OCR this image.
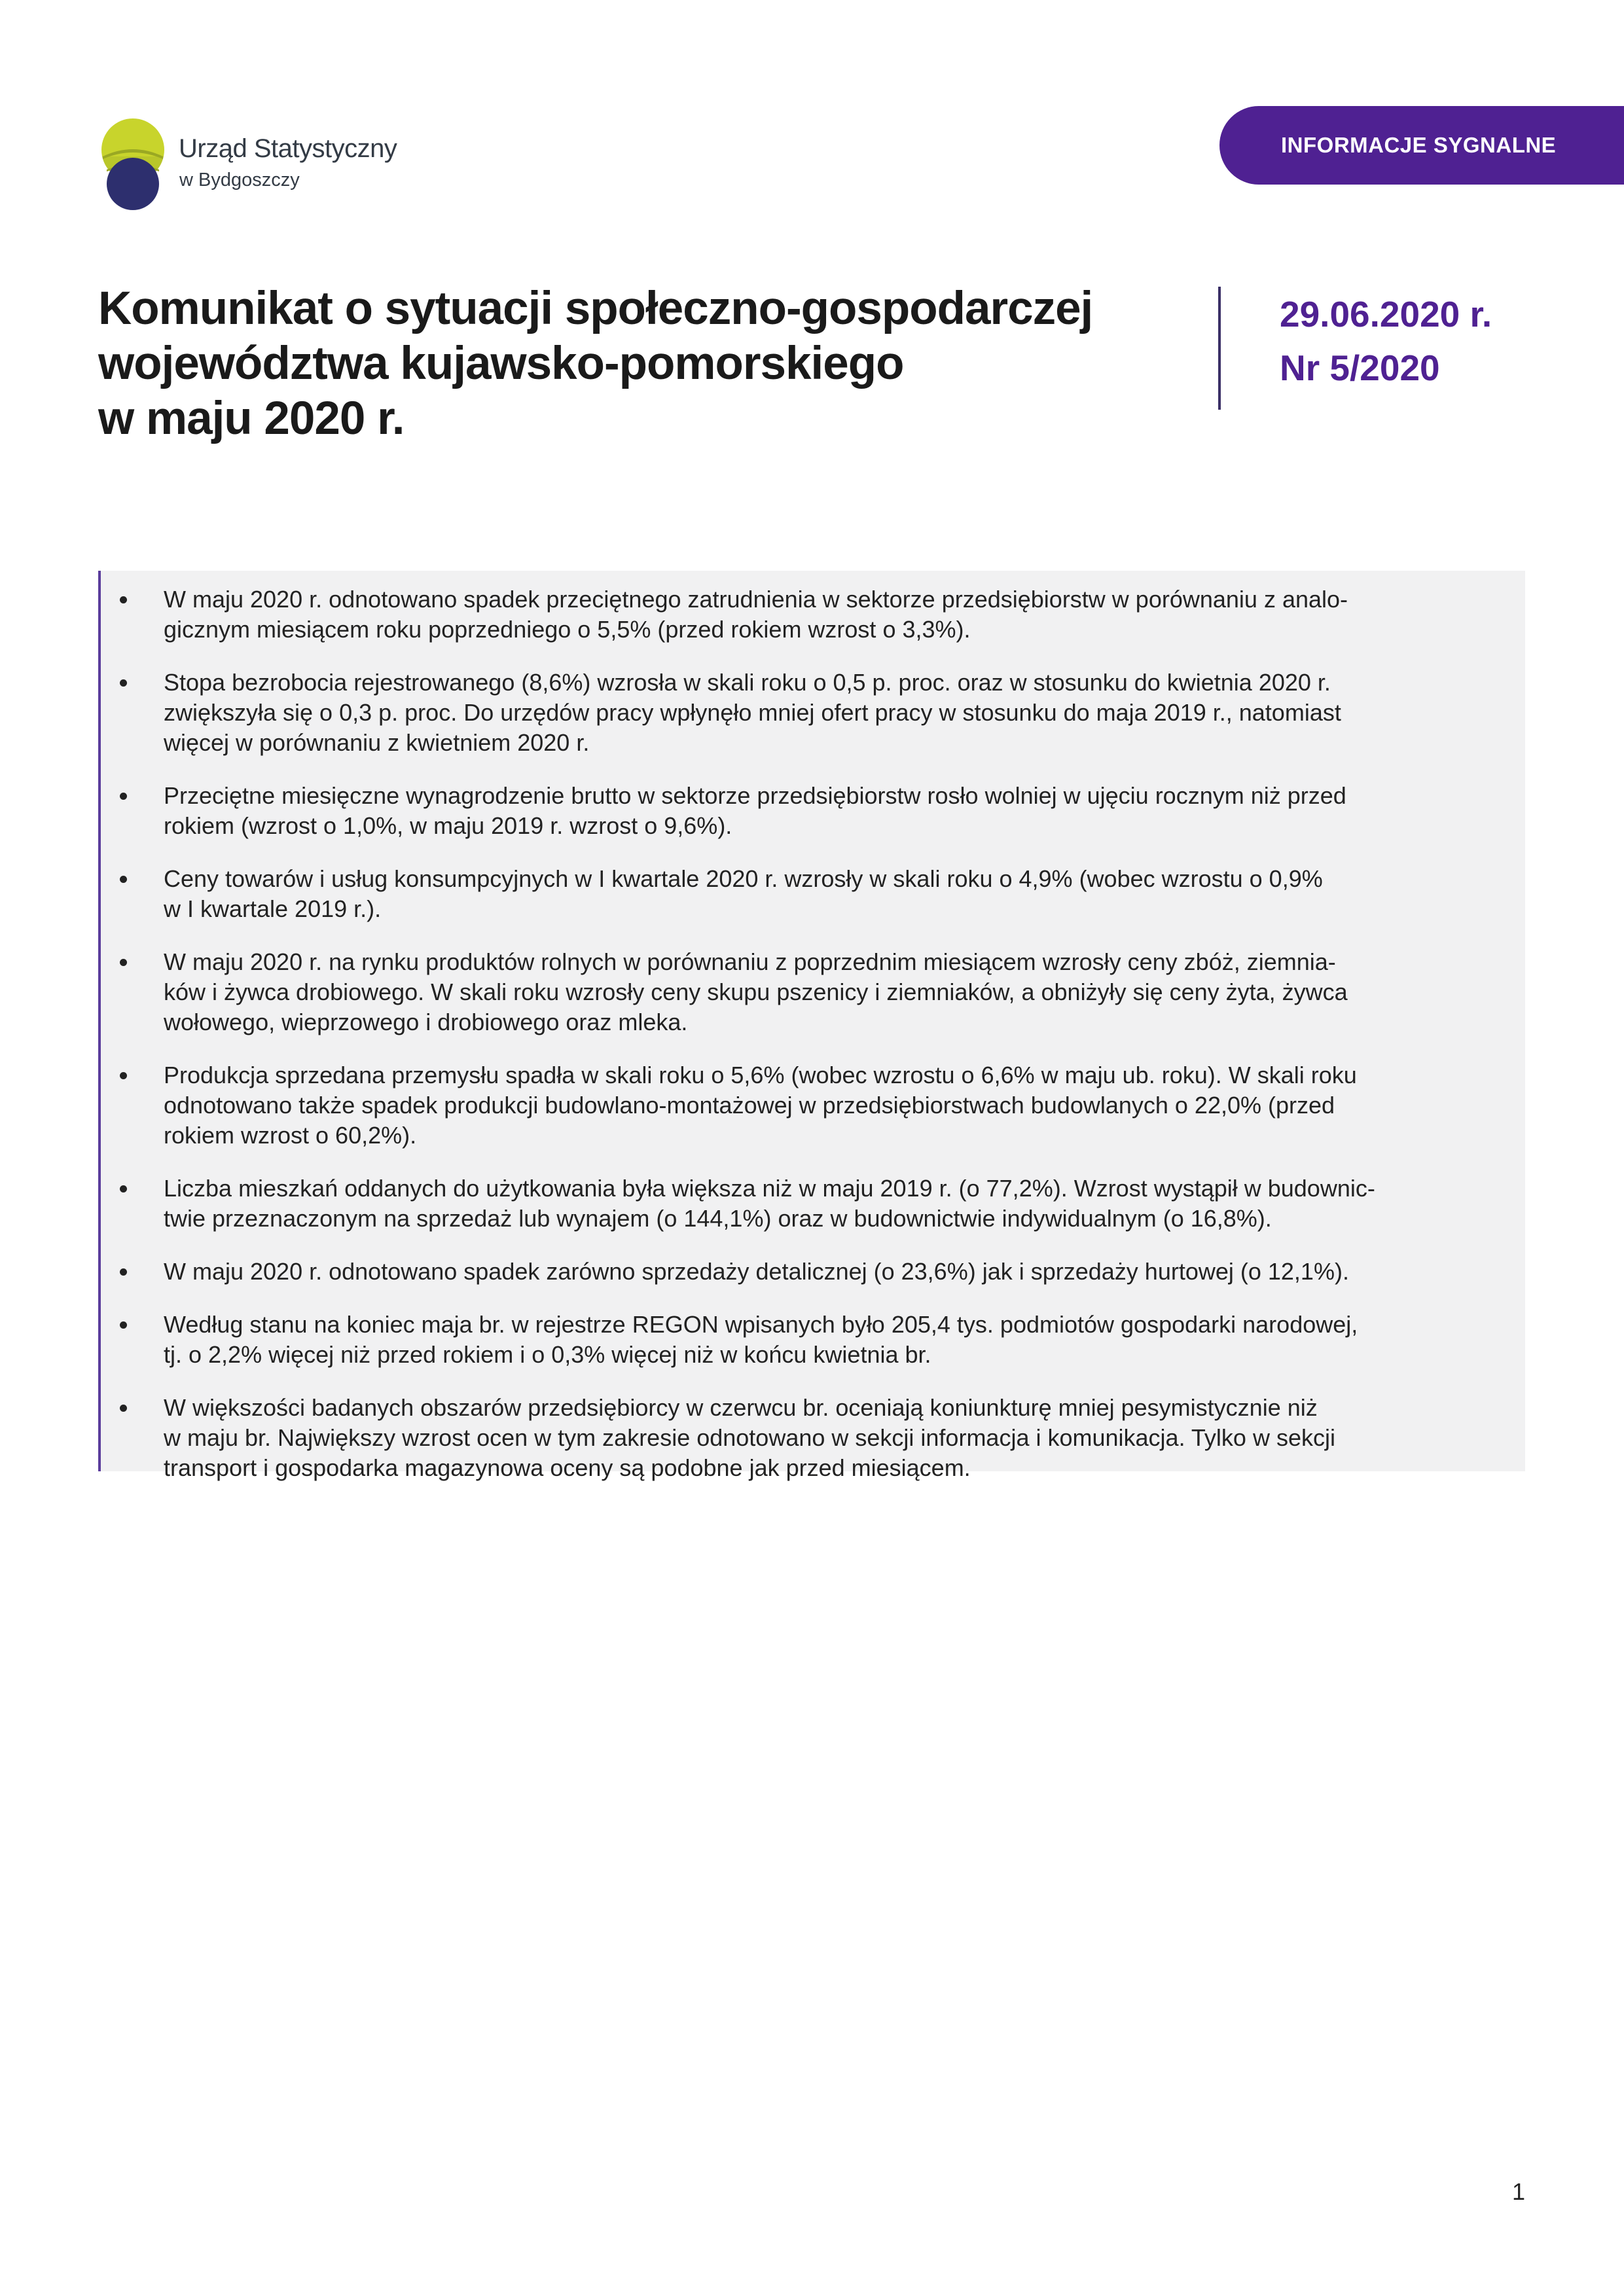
Urząd Statystyczny
w Bydgoszczy
INFORMACJE SYGNALNE
Komunikat o sytuacji społeczno-gospodarczej
województwa kujawsko-pomorskiego
w maju 2020 r.
29.06.2020 r.
Nr 5/2020
W maju 2020 r. odnotowano spadek przeciętnego zatrudnienia w sektorze przedsiębiorstw w porównaniu z analo-
gicznym miesiącem roku poprzedniego o 5,5% (przed rokiem wzrost o 3,3%).
Stopa bezrobocia rejestrowanego (8,6%) wzrosła w skali roku o 0,5 p. proc. oraz w stosunku do kwietnia 2020 r.
zwiększyła się o 0,3 p. proc. Do urzędów pracy wpłynęło mniej ofert pracy w stosunku do maja 2019 r., natomiast
więcej w porównaniu z kwietniem 2020 r.
Przeciętne miesięczne wynagrodzenie brutto w sektorze przedsiębiorstw rosło wolniej w ujęciu rocznym niż przed
rokiem (wzrost o 1,0%, w maju 2019 r. wzrost o 9,6%).
Ceny towarów i usług konsumpcyjnych w I kwartale 2020 r. wzrosły w skali roku o 4,9% (wobec wzrostu o 0,9%
w I kwartale 2019 r.).
W maju 2020 r. na rynku produktów rolnych w porównaniu z poprzednim miesiącem wzrosły ceny zbóż, ziemnia-
ków i żywca drobiowego. W skali roku wzrosły ceny skupu pszenicy i ziemniaków, a obniżyły się ceny żyta, żywca
wołowego, wieprzowego i drobiowego oraz mleka.
Produkcja sprzedana przemysłu spadła w skali roku o 5,6% (wobec wzrostu o 6,6% w maju ub. roku). W skali roku
odnotowano także spadek produkcji budowlano-montażowej w przedsiębiorstwach budowlanych o 22,0% (przed
rokiem wzrost o 60,2%).
Liczba mieszkań oddanych do użytkowania była większa niż w maju 2019 r. (o 77,2%). Wzrost wystąpił w budownic-
twie przeznaczonym na sprzedaż lub wynajem (o 144,1%) oraz w budownictwie indywidualnym (o 16,8%).
W maju 2020 r. odnotowano spadek zarówno sprzedaży detalicznej (o 23,6%) jak i sprzedaży hurtowej (o 12,1%).
Według stanu na koniec maja br. w rejestrze REGON wpisanych było 205,4 tys. podmiotów gospodarki narodowej,
tj. o 2,2% więcej niż przed rokiem i o 0,3% więcej niż w końcu kwietnia br.
W większości badanych obszarów przedsiębiorcy w czerwcu br. oceniają koniunkturę mniej pesymistycznie niż
w maju br. Największy wzrost ocen w tym zakresie odnotowano w sekcji informacja i komunikacja. Tylko w sekcji
transport i gospodarka magazynowa oceny są podobne jak przed miesiącem.
1
